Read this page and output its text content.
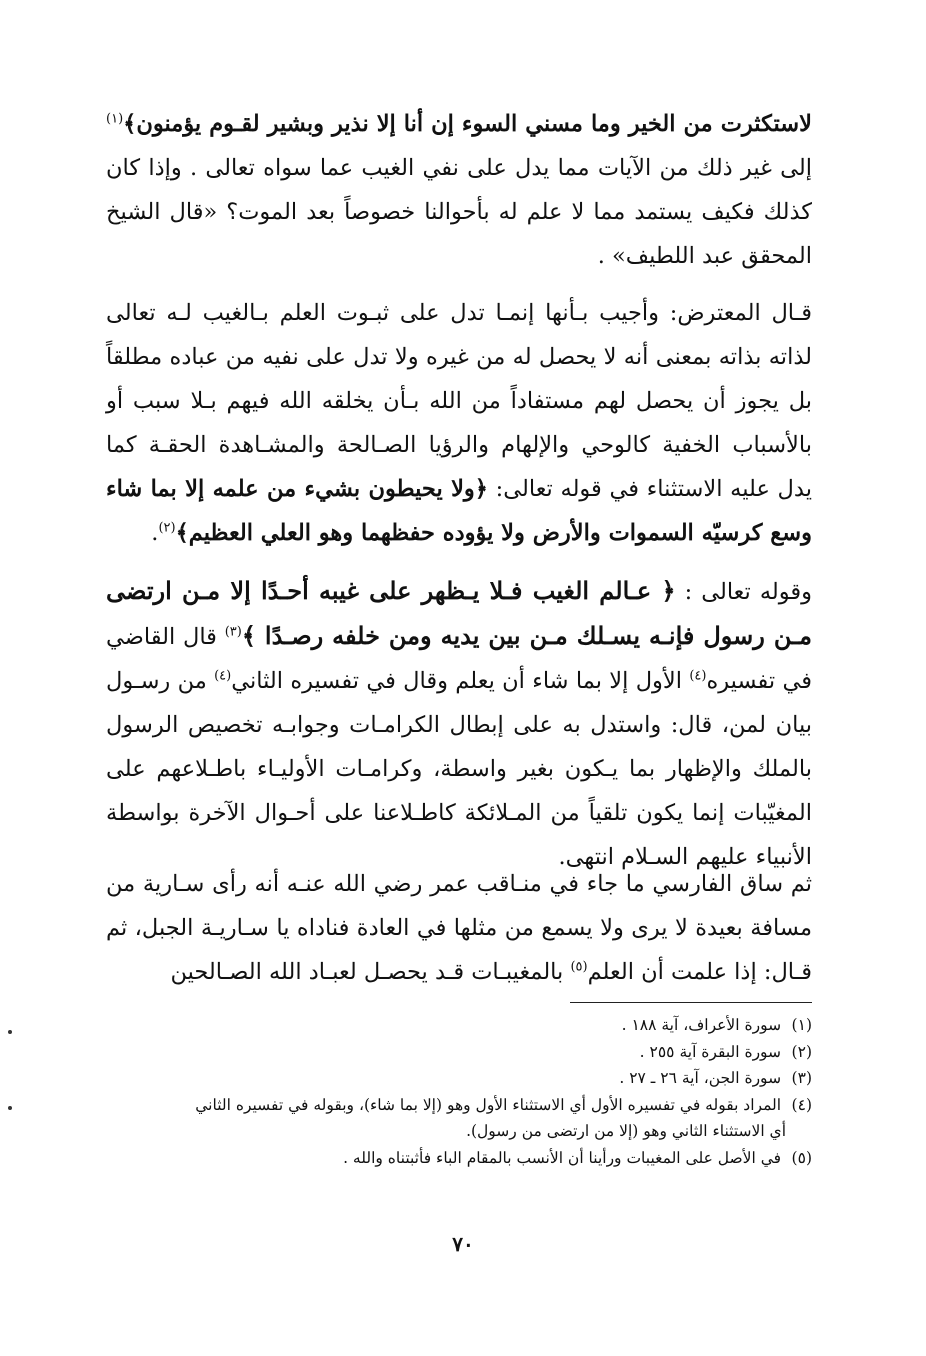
لاستكثرت من الخير وما مسني السوء إن أنا إلا نذير وبشير لقـوم يؤمنون﴾$^{(١)}$ إلى غير ذلك من الآيات مما يدل على نفي الغيب عما سواه تعالى . وإذا كان كذلك فكيف يستمد مما لا علم له بأحوالنا خصوصاً بعد الموت؟ «قال الشيخ المحقق عبد اللطيف» .

قـال المعترض: وأجيب بـأنها إنمـا تدل على ثبـوت العلم بـالغيب لـه تعالى لذاته بذاته بمعنى أنه لا يحصل له من غيره ولا تدل على نفيه من عباده مطلقاً بل يجوز أن يحصل لهم مستفاداً من الله بـأن يخلقه الله فيهم بـلا سبب أو بالأسباب الخفية كالوحي والإلهام والرؤيا الصـالحة والمشـاهدة الحقـة كما يدل عليه الاستثناء في قوله تعالى: ﴿ولا يحيطون بشيء من علمه إلا بما شاء وسع كرسيّه السموات والأرض ولا يؤوده حفظهما وهو العلي العظيم﴾$^{(٢)}$.

وقوله تعالى : ﴿ عـالم الغيب فـلا يـظهر على غيبه أحـدًا إلا مـن ارتضى مـن رسول فإنـه يسـلك مـن بين يديه ومن خلفه رصـدًا ﴾$^{(٣)}$ قال القاضي في تفسيره$^{(٤)}$ الأول إلا بما شاء أن يعلم وقال في تفسيره الثاني$^{(٤)}$ من رسـول بيان لمن، قال: واستدل به على إبطال الكرامـات وجوابـه تخصيص الرسول بالملك والإظهار بما يـكون بغير واسطة، وكرامـات الأوليـاء باطـلاعهم على المغيّبات إنما يكون تلقياً من المـلائكة كاطـلاعنا على أحـوال الآخرة بواسطة الأنبياء عليهم السـلام انتهى.

ثم ساق الفارسي ما جاء في منـاقب عمر رضي الله عنـه أنه رأى سـارية من مسافة بعيدة لا يرى ولا يسمع من مثلها في العادة فناداه يا سـاريـة الجبل، ثم قـال: إذا علمت أن العلم$^{(٥)}$ بالمغيبـات قـد يحصـل لعبـاد الله الصـالحين

(١) سورة الأعراف، آية ١٨٨ .

(٢) سورة البقرة آية ٢٥٥ .

(٣) سورة الجن، آية ٢٦ ـ ٢٧ .

(٤) المراد بقوله في تفسيره الأول أي الاستثناء الأول وهو (إلا بما شاء)، وبقوله في تفسيره الثاني

أي الاستثناء الثاني وهو (إلا من ارتضى من رسول).

(٥) في الأصل على المغيبات ورأينا أن الأنسب بالمقام الباء فأثبتناه والله .

٧٠
